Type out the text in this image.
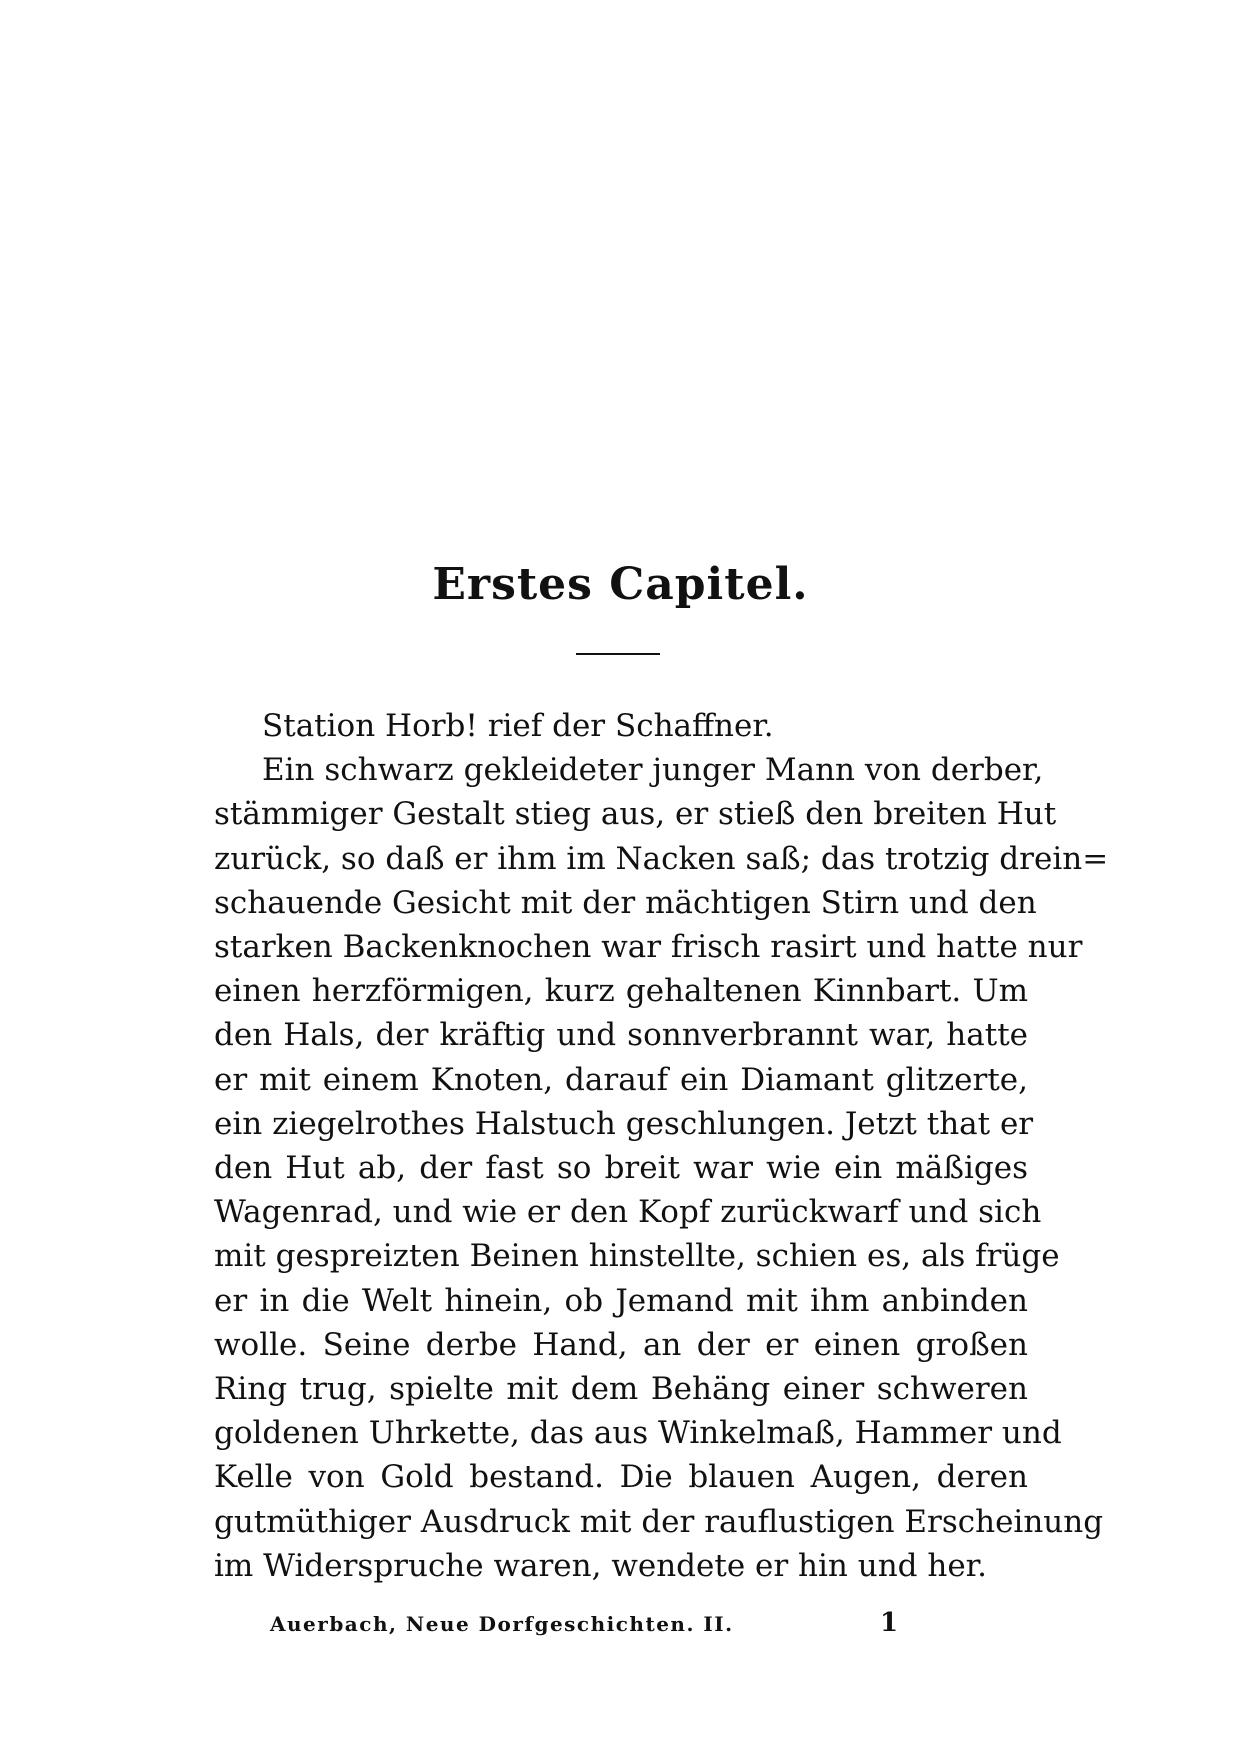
Erstes Capitel.

Station Horb! rief der Schaffner.
Ein schwarz gekleideter junger Mann von derber,
stämmiger Gestalt stieg aus, er stieß den breiten Hut
zurück, so daß er ihm im Nacken saß; das trotzig drein=
schauende Gesicht mit der mächtigen Stirn und den
starken Backenknochen war frisch rasirt und hatte nur
einen herzförmigen, kurz gehaltenen Kinnbart. Um
den Hals, der kräftig und sonnverbrannt war, hatte
er mit einem Knoten, darauf ein Diamant glitzerte,
ein ziegelrothes Halstuch geschlungen. Jetzt that er
den Hut ab, der fast so breit war wie ein mäßiges
Wagenrad, und wie er den Kopf zurückwarf und sich
mit gespreizten Beinen hinstellte, schien es, als früge
er in die Welt hinein, ob Jemand mit ihm anbinden
wolle. Seine derbe Hand, an der er einen großen
Ring trug, spielte mit dem Behäng einer schweren
goldenen Uhrkette, das aus Winkelmaß, Hammer und
Kelle von Gold bestand. Die blauen Augen, deren
gutmüthiger Ausdruck mit der rauflustigen Erscheinung
im Widerspruche waren, wendete er hin und her.

Auerbach, Neue Dorfgeschichten. II.	1
